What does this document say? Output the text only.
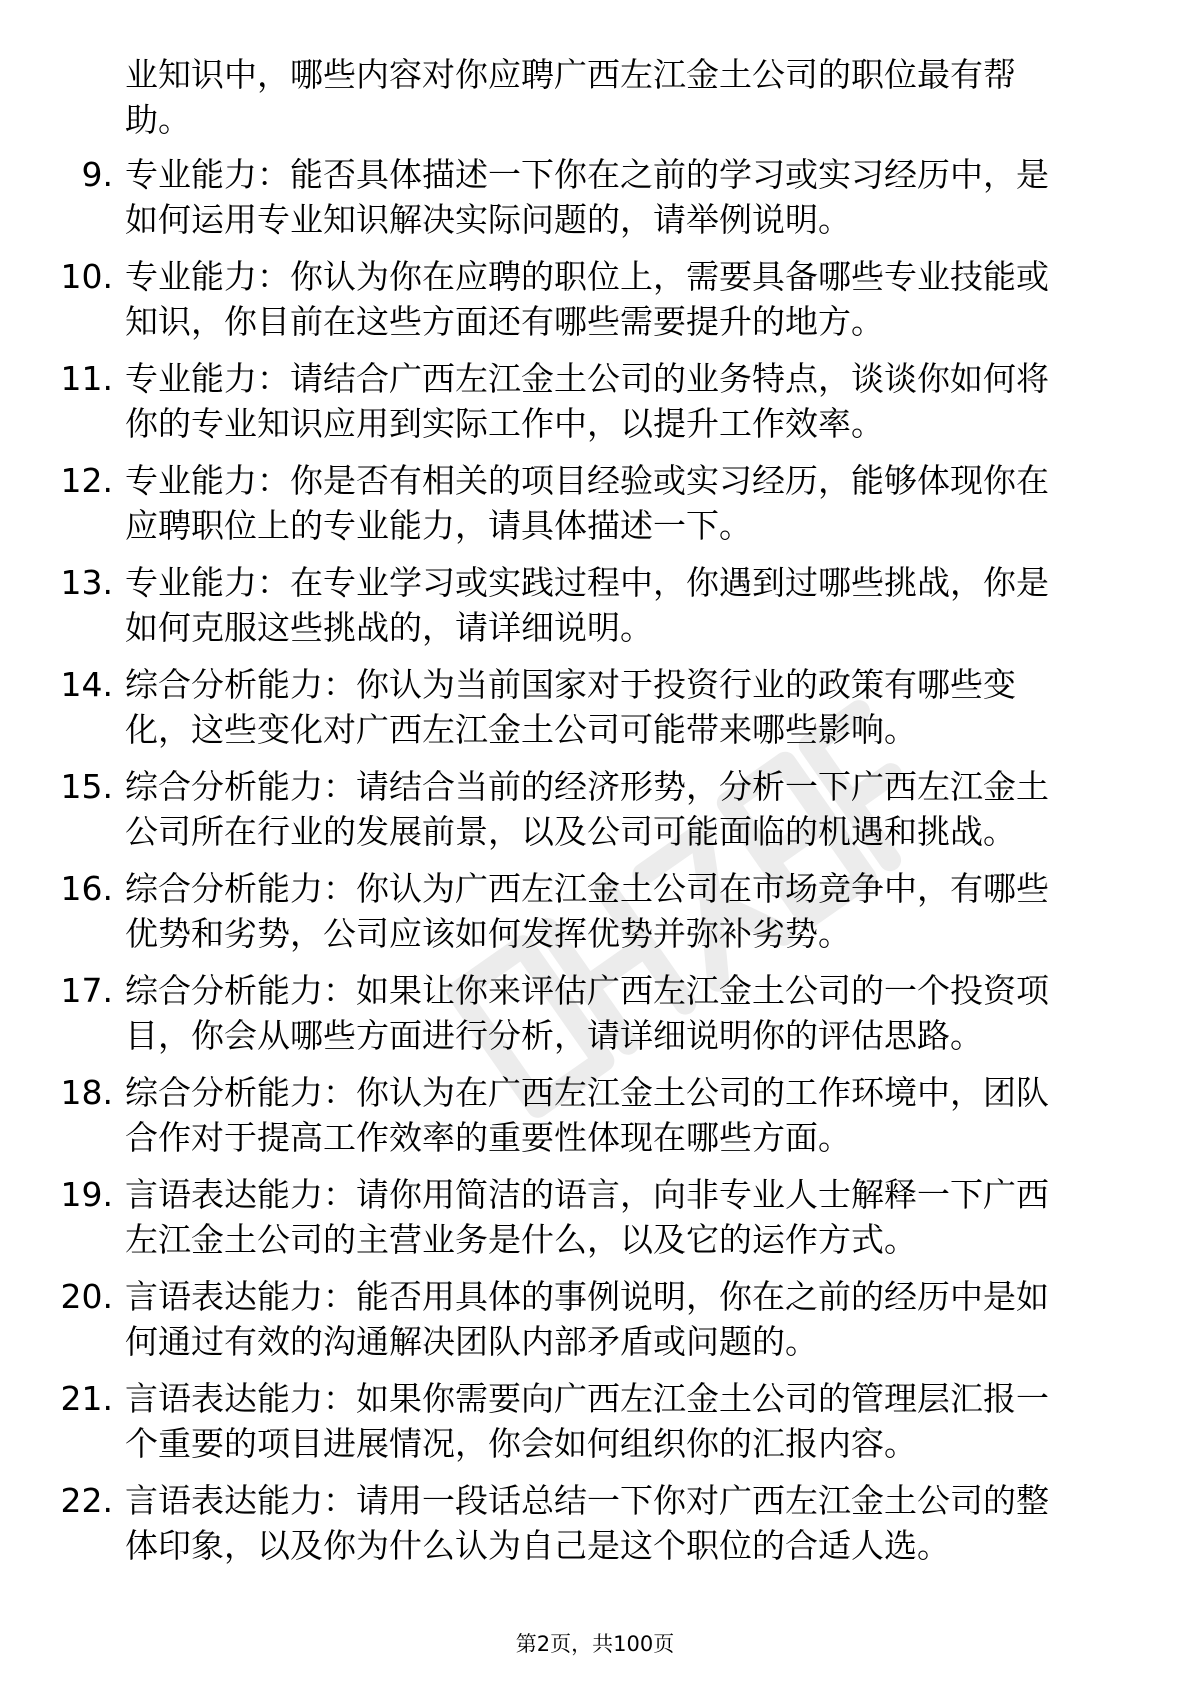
业知识中，哪些内容对你应聘广西左江金土公司的职位最有帮
助。

9. 专业能力：能否具体描述一下你在之前的学习或实习经历中，是
如何运用专业知识解决实际问题的，请举例说明。
10. 专业能力：你认为你在应聘的职位上，需要具备哪些专业技能或
知识，你目前在这些方面还有哪些需要提升的地方。
11. 专业能力：请结合广西左江金土公司的业务特点，谈谈你如何将
你的专业知识应用到实际工作中，以提升工作效率。
12. 专业能力：你是否有相关的项目经验或实习经历，能够体现你在
应聘职位上的专业能力，请具体描述一下。
13. 专业能力：在专业学习或实践过程中，你遇到过哪些挑战，你是
如何克服这些挑战的，请详细说明。
14. 综合分析能力：你认为当前国家对于投资行业的政策有哪些变
化，这些变化对广西左江金土公司可能带来哪些影响。
15. 综合分析能力：请结合当前的经济形势，分析一下广西左江金土
公司所在行业的发展前景，以及公司可能面临的机遇和挑战。
16. 综合分析能力：你认为广西左江金土公司在市场竞争中，有哪些
优势和劣势，公司应该如何发挥优势并弥补劣势。
17. 综合分析能力：如果让你来评估广西左江金土公司的一个投资项
目，你会从哪些方面进行分析，请详细说明你的评估思路。
18. 综合分析能力：你认为在广西左江金土公司的工作环境中，团队
合作对于提高工作效率的重要性体现在哪些方面。
19. 言语表达能力：请你用简洁的语言，向非专业人士解释一下广西
左江金土公司的主营业务是什么，以及它的运作方式。
20. 言语表达能力：能否用具体的事例说明，你在之前的经历中是如
何通过有效的沟通解决团队内部矛盾或问题的。
21. 言语表达能力：如果你需要向广西左江金土公司的管理层汇报一
个重要的项目进展情况，你会如何组织你的汇报内容。
22. 言语表达能力：请用一段话总结一下你对广西左江金土公司的整
体印象，以及你为什么认为自己是这个职位的合适人选。
第2页，共100页
